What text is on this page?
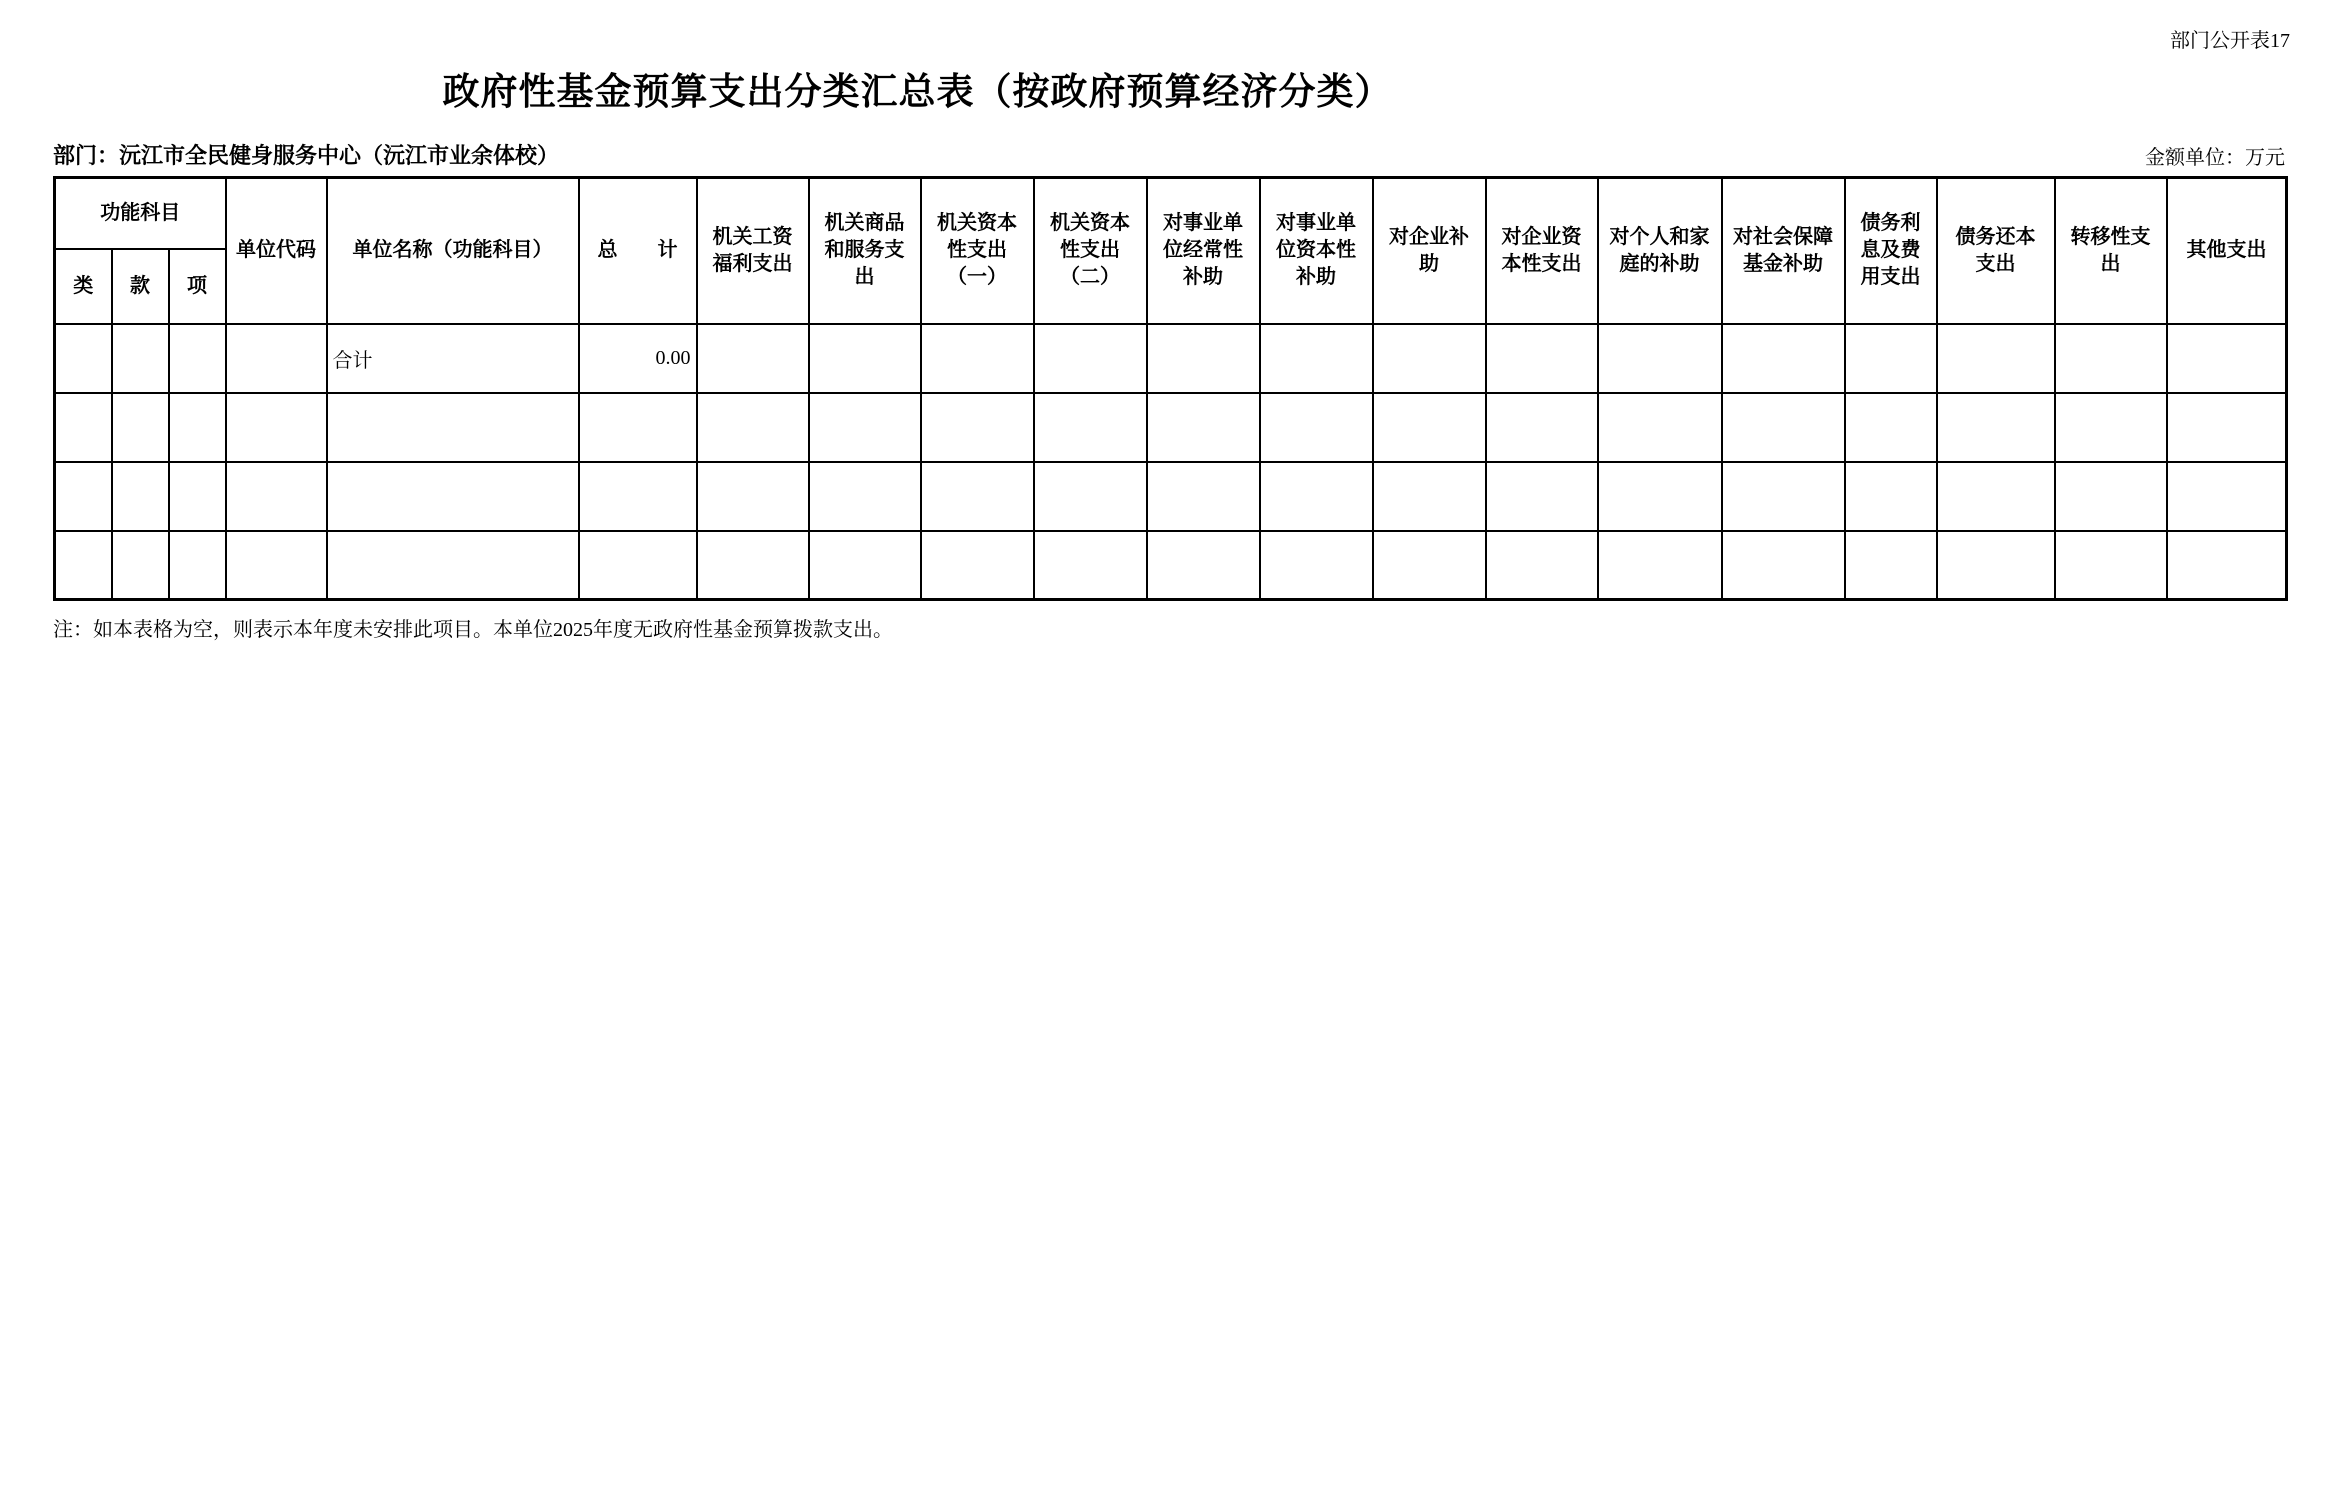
部门公开表17
政府性基金预算支出分类汇总表（按政府预算经济分类）
部门：沅江市全民健身服务中心（沅江市业余体校）	金额单位：万元
功能科目			单位代码	单位名称（功能科目）	总　　计	机关工资福利支出	机关商品和服务支出	机关资本性支出（一）	机关资本性支出（二）	对事业单位经常性补助	对事业单位资本性补助	对企业补助	对企业资本性支出	对个人和家庭的补助	对社会保障基金补助	债务利息及费用支出	债务还本支出	转移性支出	其他支出	
类	款	项																		
				合计	0.00															

注：如本表格为空，则表示本年度未安排此项目。本单位2025年度无政府性基金预算拨款支出。
